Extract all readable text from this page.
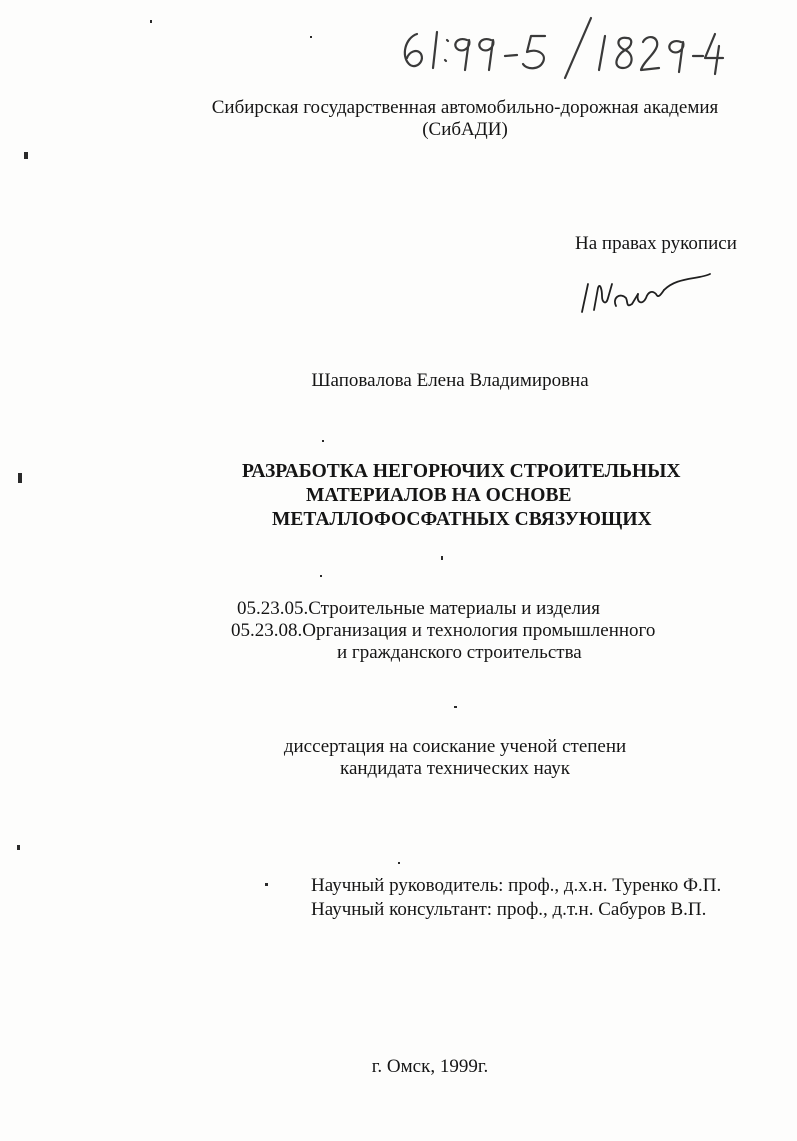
Сибирская государственная автомобильно-дорожная академия
(СибАДИ)
На правах рукописи
Шаповалова Елена Владимировна
РАЗРАБОТКА НЕГОРЮЧИХ СТРОИТЕЛЬНЫХ
МАТЕРИАЛОВ НА ОСНОВЕ
МЕТАЛЛОФОСФАТНЫХ СВЯЗУЮЩИХ
05.23.05.Строительные материалы и изделия
05.23.08.Организация и технология промышленного
и гражданского строительства
диссертация на соискание ученой степени
кандидата технических наук
Научный руководитель: проф., д.х.н. Туренко Ф.П.
Научный консультант: проф., д.т.н. Сабуров В.П.
г. Омск, 1999г.
